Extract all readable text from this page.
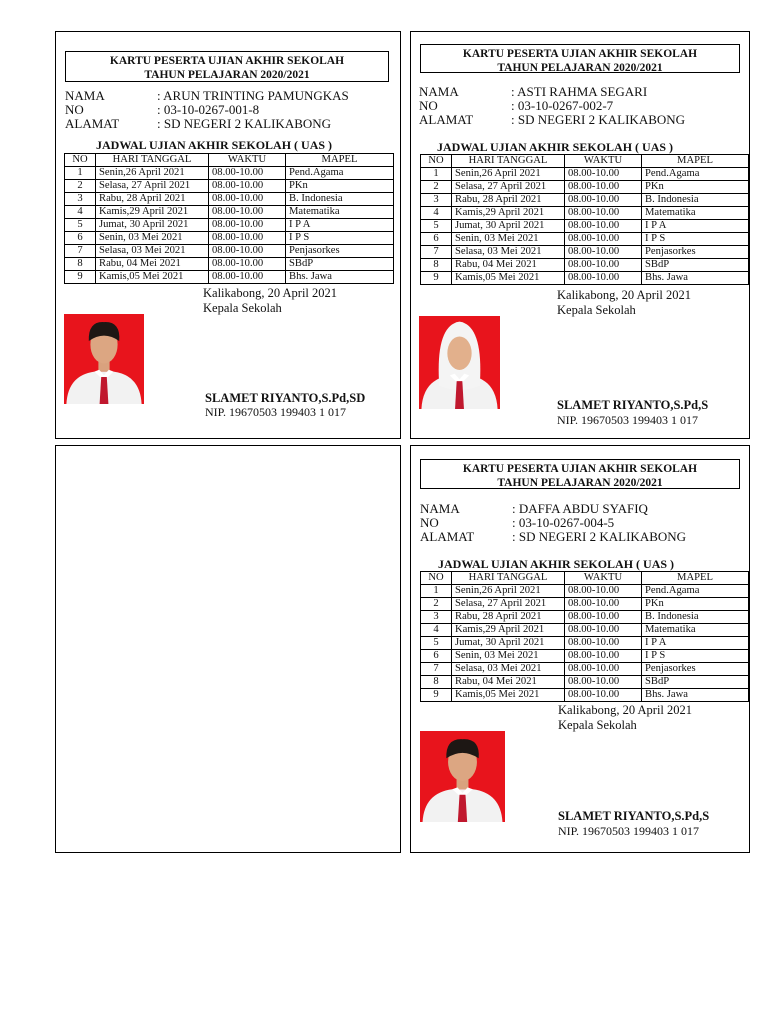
KARTU PESERTA UJIAN AKHIR SEKOLAH
TAHUN PELAJARAN 2020/2021
NAMA	: ARUN TRINTING PAMUNGKAS
NO	: 03-10-0267-001-8
ALAMAT	: SD NEGERI 2 KALIKABONG
JADWAL UJIAN AKHIR SEKOLAH ( UAS )
NO	HARI TANGGAL	WAKTU	MAPEL
1	Senin,26 April 2021	08.00-10.00	Pend.Agama
2	Selasa, 27 April 2021	08.00-10.00	PKn
3	Rabu, 28 April 2021	08.00-10.00	B. Indonesia
4	Kamis,29 April 2021	08.00-10.00	Matematika
5	Jumat, 30 April 2021	08.00-10.00	I P A
6	Senin, 03 Mei 2021	08.00-10.00	I P S
7	Selasa, 03 Mei 2021	08.00-10.00	Penjasorkes
8	Rabu, 04 Mei 2021	08.00-10.00	SBdP
9	Kamis,05 Mei 2021	08.00-10.00	Bhs. Jawa
Kalikabong, 20 April 2021
Kepala Sekolah
SLAMET RIYANTO,S.Pd,SD
NIP. 19670503 199403 1 017
KARTU PESERTA UJIAN AKHIR SEKOLAH
TAHUN PELAJARAN 2020/2021
NAMA	: ASTI RAHMA SEGARI
NO	: 03-10-0267-002-7
ALAMAT	: SD NEGERI 2 KALIKABONG
JADWAL UJIAN AKHIR SEKOLAH ( UAS )
NO	HARI TANGGAL	WAKTU	MAPEL
1	Senin,26 April 2021	08.00-10.00	Pend.Agama
2	Selasa, 27 April 2021	08.00-10.00	PKn
3	Rabu, 28 April 2021	08.00-10.00	B. Indonesia
4	Kamis,29 April 2021	08.00-10.00	Matematika
5	Jumat, 30 April 2021	08.00-10.00	I P A
6	Senin, 03 Mei 2021	08.00-10.00	I P S
7	Selasa, 03 Mei 2021	08.00-10.00	Penjasorkes
8	Rabu, 04 Mei 2021	08.00-10.00	SBdP
9	Kamis,05 Mei 2021	08.00-10.00	Bhs. Jawa
Kalikabong, 20 April 2021
Kepala Sekolah
SLAMET RIYANTO,S.Pd,S
NIP. 19670503 199403 1 017
KARTU PESERTA UJIAN AKHIR SEKOLAH
TAHUN PELAJARAN 2020/2021
NAMA	: DAFFA ABDU SYAFIQ
NO	: 03-10-0267-004-5
ALAMAT	: SD NEGERI 2 KALIKABONG
JADWAL UJIAN AKHIR SEKOLAH ( UAS )
NO	HARI TANGGAL	WAKTU	MAPEL
1	Senin,26 April 2021	08.00-10.00	Pend.Agama
2	Selasa, 27 April 2021	08.00-10.00	PKn
3	Rabu, 28 April 2021	08.00-10.00	B. Indonesia
4	Kamis,29 April 2021	08.00-10.00	Matematika
5	Jumat, 30 April 2021	08.00-10.00	I P A
6	Senin, 03 Mei 2021	08.00-10.00	I P S
7	Selasa, 03 Mei 2021	08.00-10.00	Penjasorkes
8	Rabu, 04 Mei 2021	08.00-10.00	SBdP
9	Kamis,05 Mei 2021	08.00-10.00	Bhs. Jawa
Kalikabong, 20 April 2021
Kepala Sekolah
SLAMET RIYANTO,S.Pd,S
NIP. 19670503 199403 1 017
